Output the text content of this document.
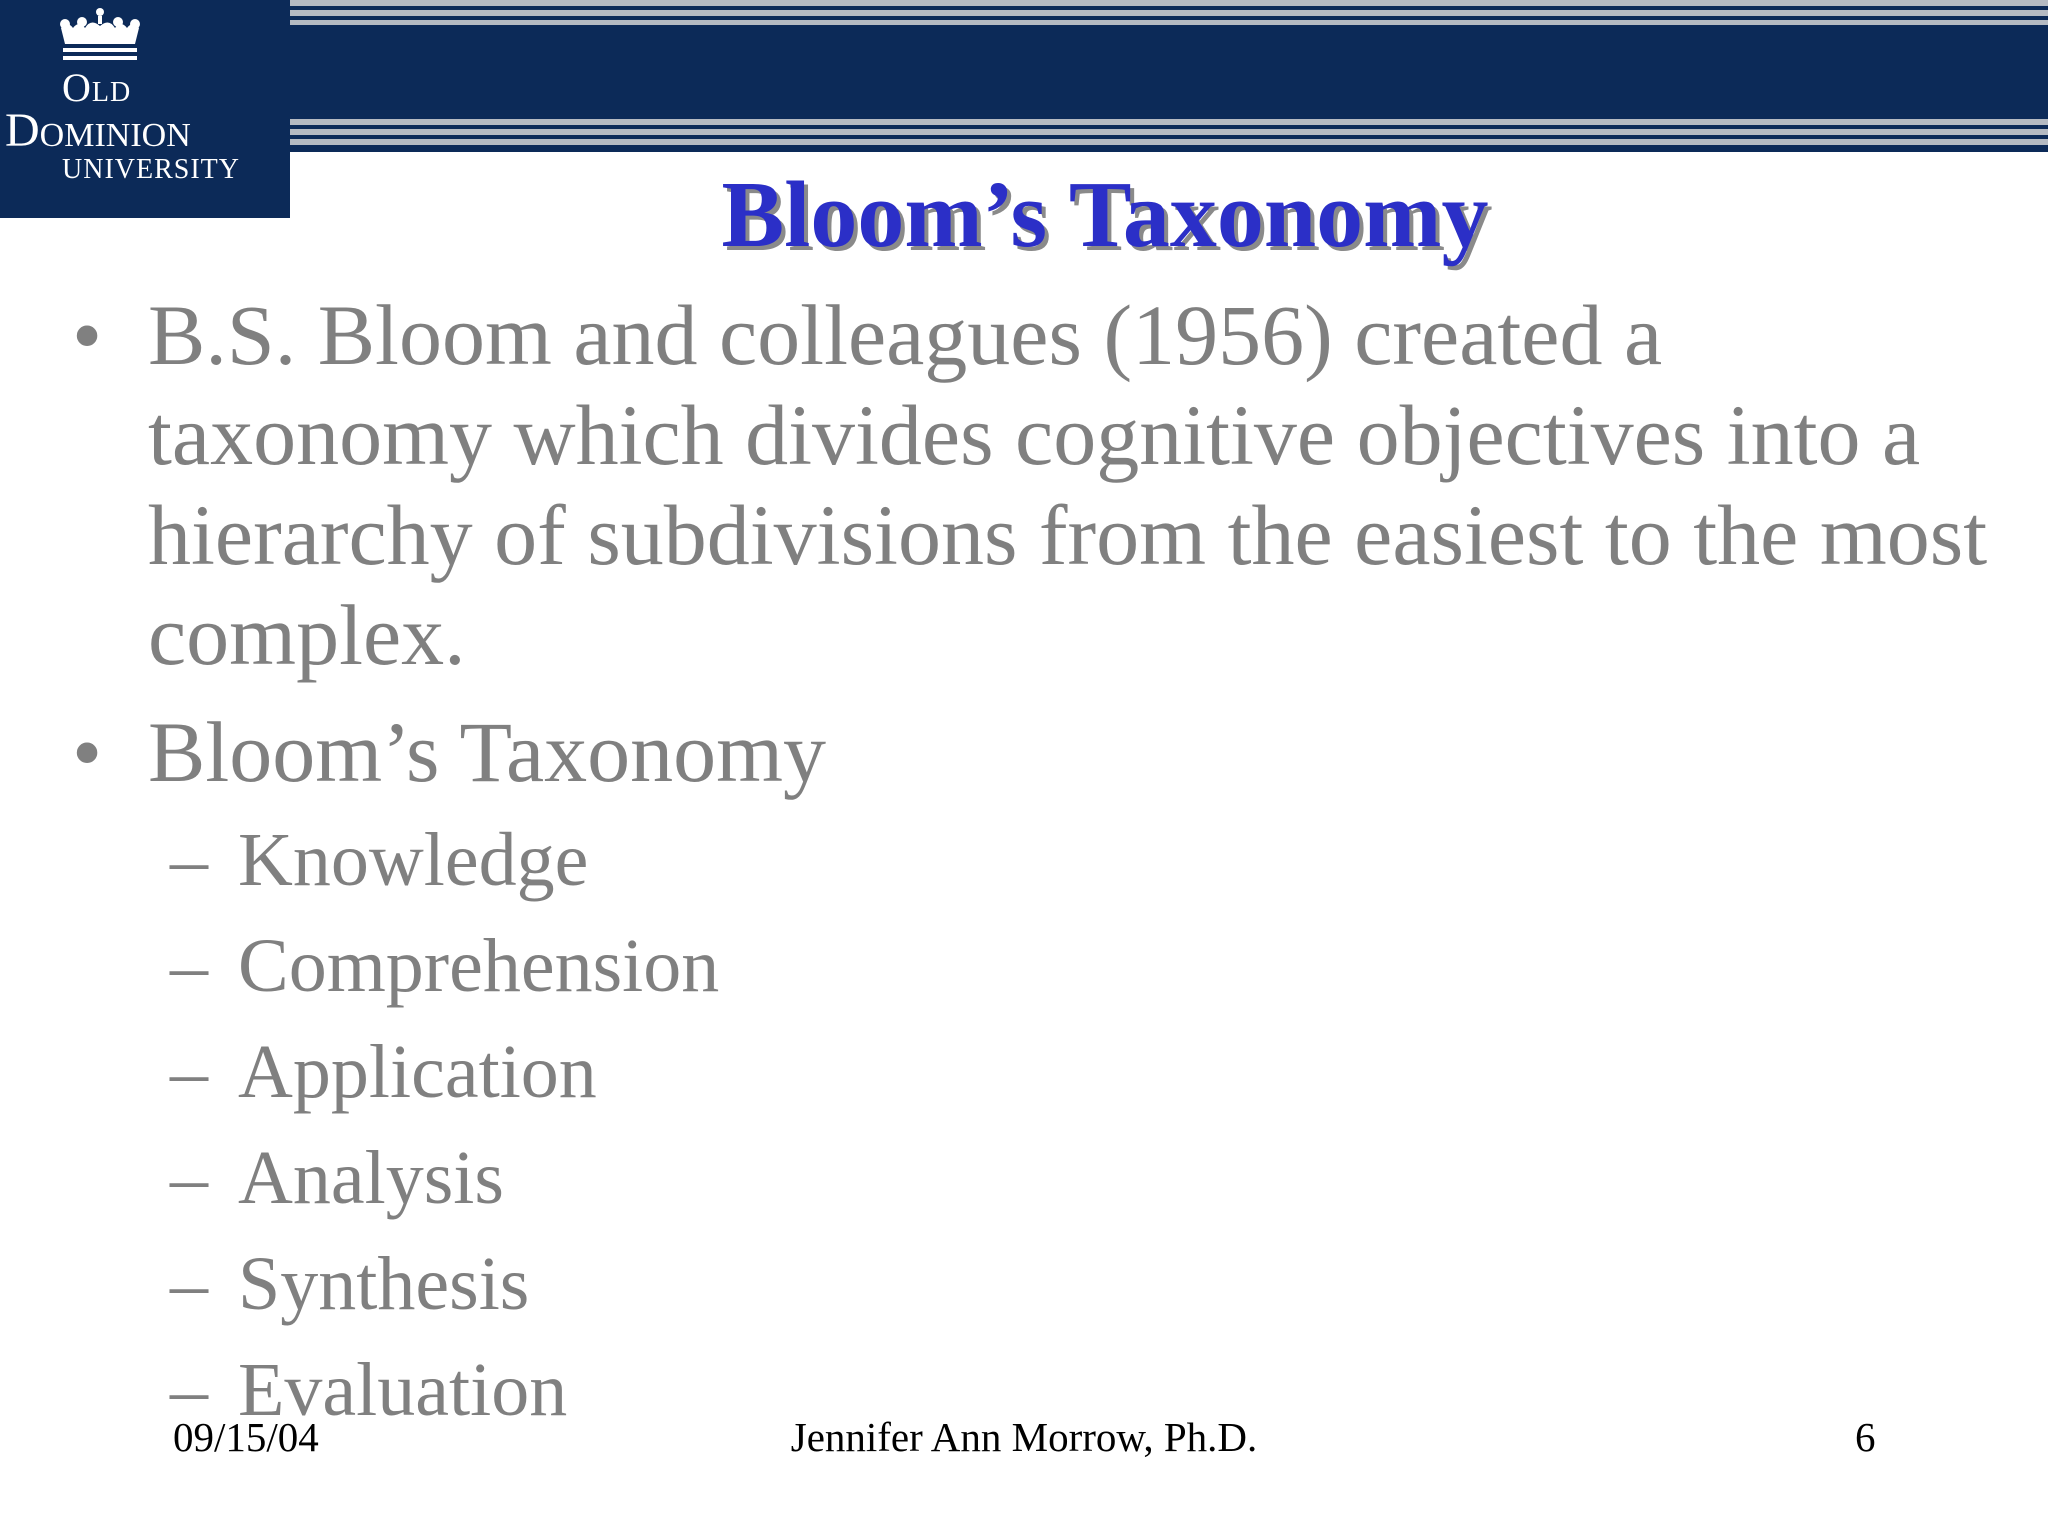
Old
Dominion
UNIVERSITY	Bloom’s Taxonomy
• B.S. Bloom and colleagues (1956) created a taxonomy which divides cognitive objectives into a hierarchy of subdivisions from the easiest to the most complex.
• Bloom’s Taxonomy
– Knowledge
– Comprehension
– Application
– Analysis
– Synthesis
– Evaluation
09/15/04	Jennifer Ann Morrow, Ph.D.	6
